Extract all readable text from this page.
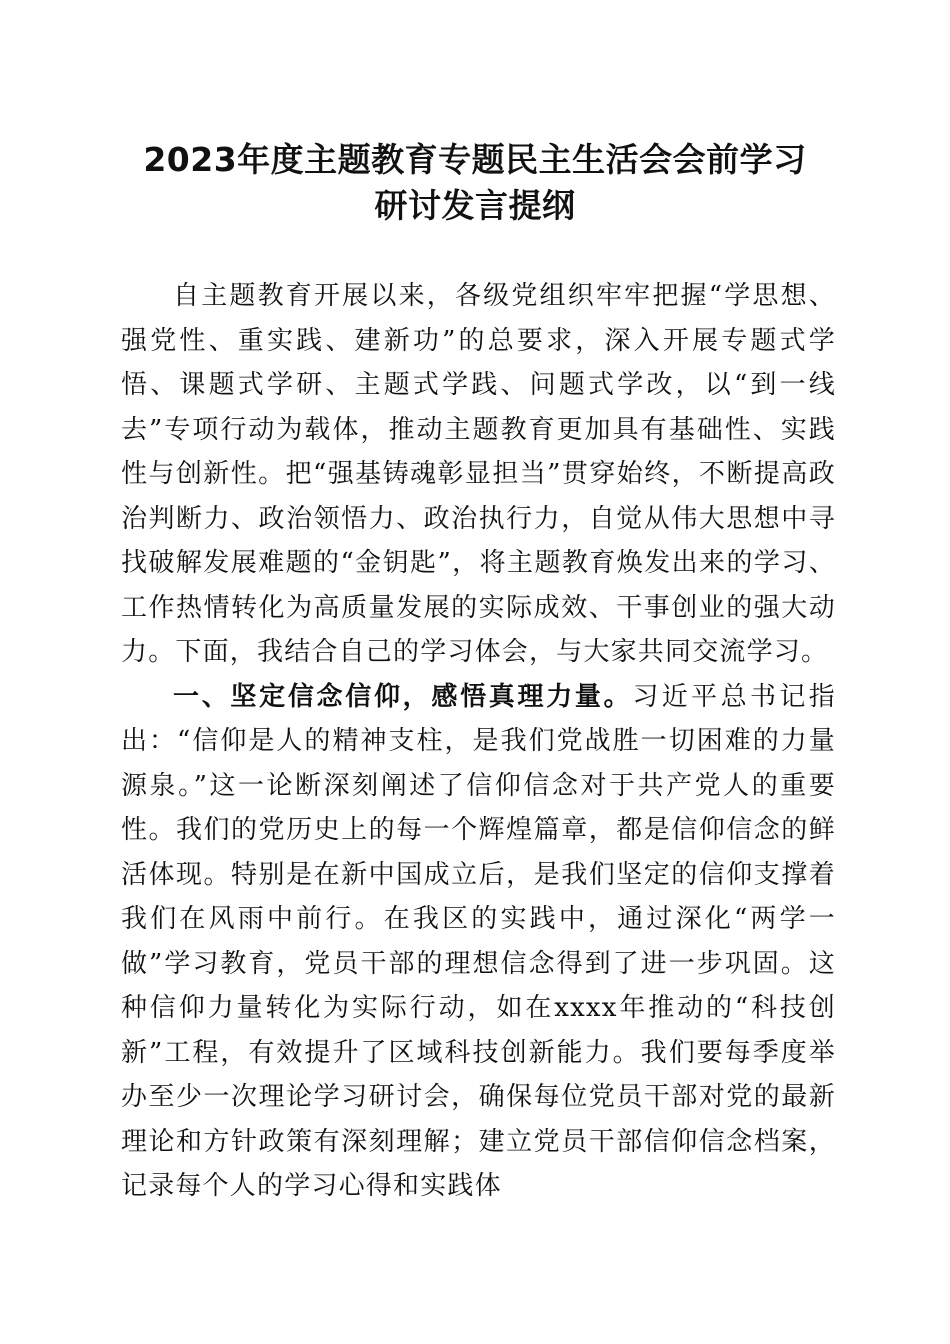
2023年度主题教育专题民主生活会会前学习
研讨发言提纲

自主题教育开展以来，各级党组织牢牢把握“学思想、强党性、重实践、建新功”的总要求，深入开展专题式学悟、课题式学研、主题式学践、问题式学改，以“到一线去”专项行动为载体，推动主题教育更加具有基础性、实践性与创新性。把“强基铸魂彰显担当”贯穿始终，不断提高政治判断力、政治领悟力、政治执行力，自觉从伟大思想中寻找破解发展难题的“金钥匙”，将主题教育焕发出来的学习、工作热情转化为高质量发展的实际成效、干事创业的强大动力。下面，我结合自己的学习体会，与大家共同交流学习。

一、坚定信念信仰，感悟真理力量。习近平总书记指出：“信仰是人的精神支柱，是我们党战胜一切困难的力量源泉。”这一论断深刻阐述了信仰信念对于共产党人的重要性。我们的党历史上的每一个辉煌篇章，都是信仰信念的鲜活体现。特别是在新中国成立后，是我们坚定的信仰支撑着我们在风雨中前行。在我区的实践中，通过深化“两学一做”学习教育，党员干部的理想信念得到了进一步巩固。这种信仰力量转化为实际行动，如在xxxx年推动的“科技创新”工程，有效提升了区域科技创新能力。我们要每季度举办至少一次理论学习研讨会，确保每位党员干部对党的最新理论和方针政策有深刻理解；建立党员干部信仰信念档案，记录每个人的学习心得和实践体
